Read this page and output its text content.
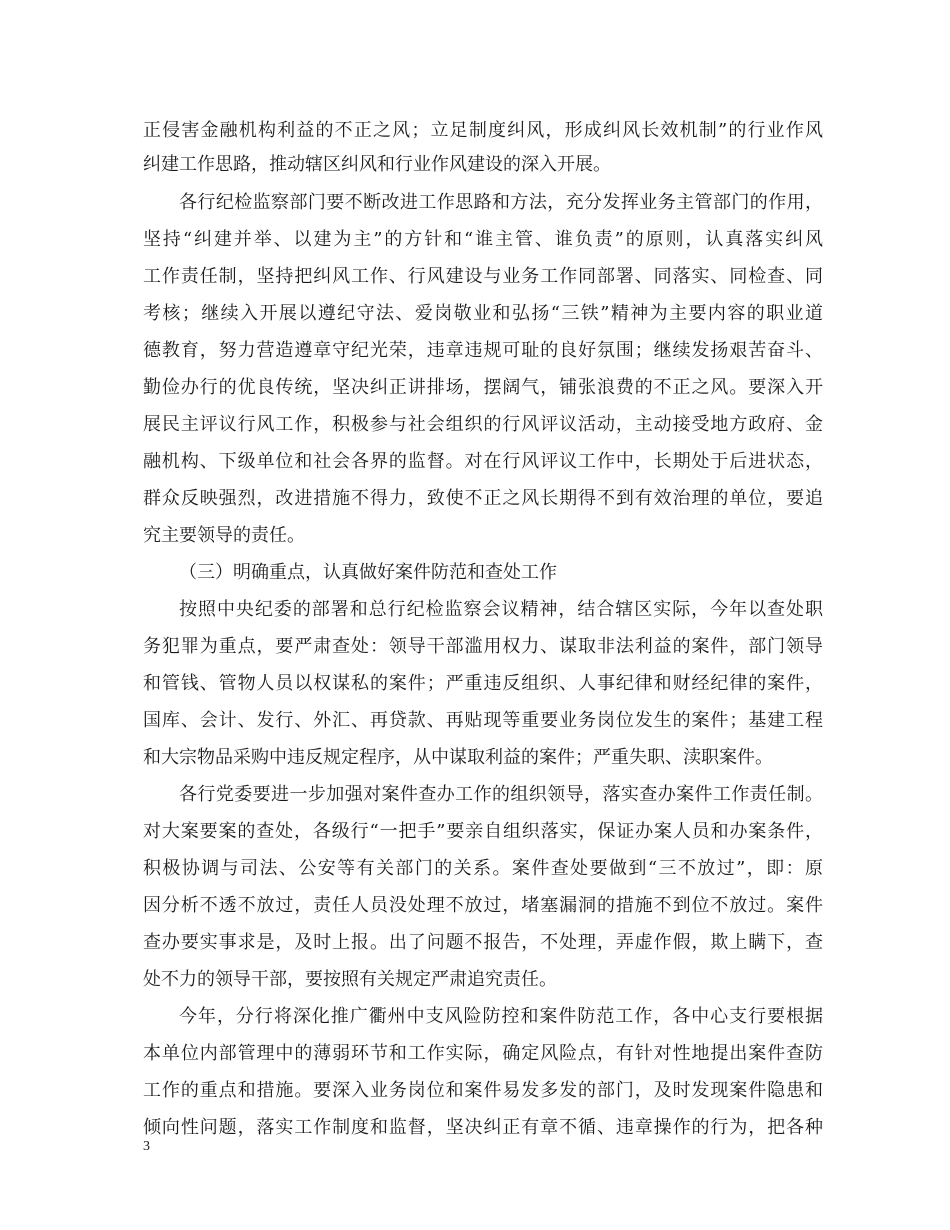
正侵害金融机构利益的不正之风；立足制度纠风，形成纠风长效机制”的行业作风
纠建工作思路，推动辖区纠风和行业作风建设的深入开展。
各行纪检监察部门要不断改进工作思路和方法，充分发挥业务主管部门的作用，
坚持“纠建并举、以建为主”的方针和“谁主管、谁负责”的原则，认真落实纠风
工作责任制，坚持把纠风工作、行风建设与业务工作同部署、同落实、同检查、同
考核；继续入开展以遵纪守法、爱岗敬业和弘扬“三铁”精神为主要内容的职业道
德教育，努力营造遵章守纪光荣，违章违规可耻的良好氛围；继续发扬艰苦奋斗、
勤俭办行的优良传统，坚决纠正讲排场，摆阔气，铺张浪费的不正之风。要深入开
展民主评议行风工作，积极参与社会组织的行风评议活动，主动接受地方政府、金
融机构、下级单位和社会各界的监督。对在行风评议工作中，长期处于后进状态，
群众反映强烈，改进措施不得力，致使不正之风长期得不到有效治理的单位，要追
究主要领导的责任。
（三）明确重点，认真做好案件防范和查处工作
按照中央纪委的部署和总行纪检监察会议精神，结合辖区实际，今年以查处职
务犯罪为重点，要严肃查处：领导干部滥用权力、谋取非法利益的案件，部门领导
和管钱、管物人员以权谋私的案件；严重违反组织、人事纪律和财经纪律的案件，
国库、会计、发行、外汇、再贷款、再贴现等重要业务岗位发生的案件；基建工程
和大宗物品采购中违反规定程序，从中谋取利益的案件；严重失职、渎职案件。
各行党委要进一步加强对案件查办工作的组织领导，落实查办案件工作责任制。
对大案要案的查处，各级行“一把手”要亲自组织落实，保证办案人员和办案条件，
积极协调与司法、公安等有关部门的关系。案件查处要做到“三不放过”，即：原
因分析不透不放过，责任人员没处理不放过，堵塞漏洞的措施不到位不放过。案件
查办要实事求是，及时上报。出了问题不报告，不处理，弄虚作假，欺上瞒下，查
处不力的领导干部，要按照有关规定严肃追究责任。
今年，分行将深化推广衢州中支风险防控和案件防范工作，各中心支行要根据
本单位内部管理中的薄弱环节和工作实际，确定风险点，有针对性地提出案件查防
工作的重点和措施。要深入业务岗位和案件易发多发的部门，及时发现案件隐患和
倾向性问题，落实工作制度和监督，坚决纠正有章不循、违章操作的行为，把各种
3
